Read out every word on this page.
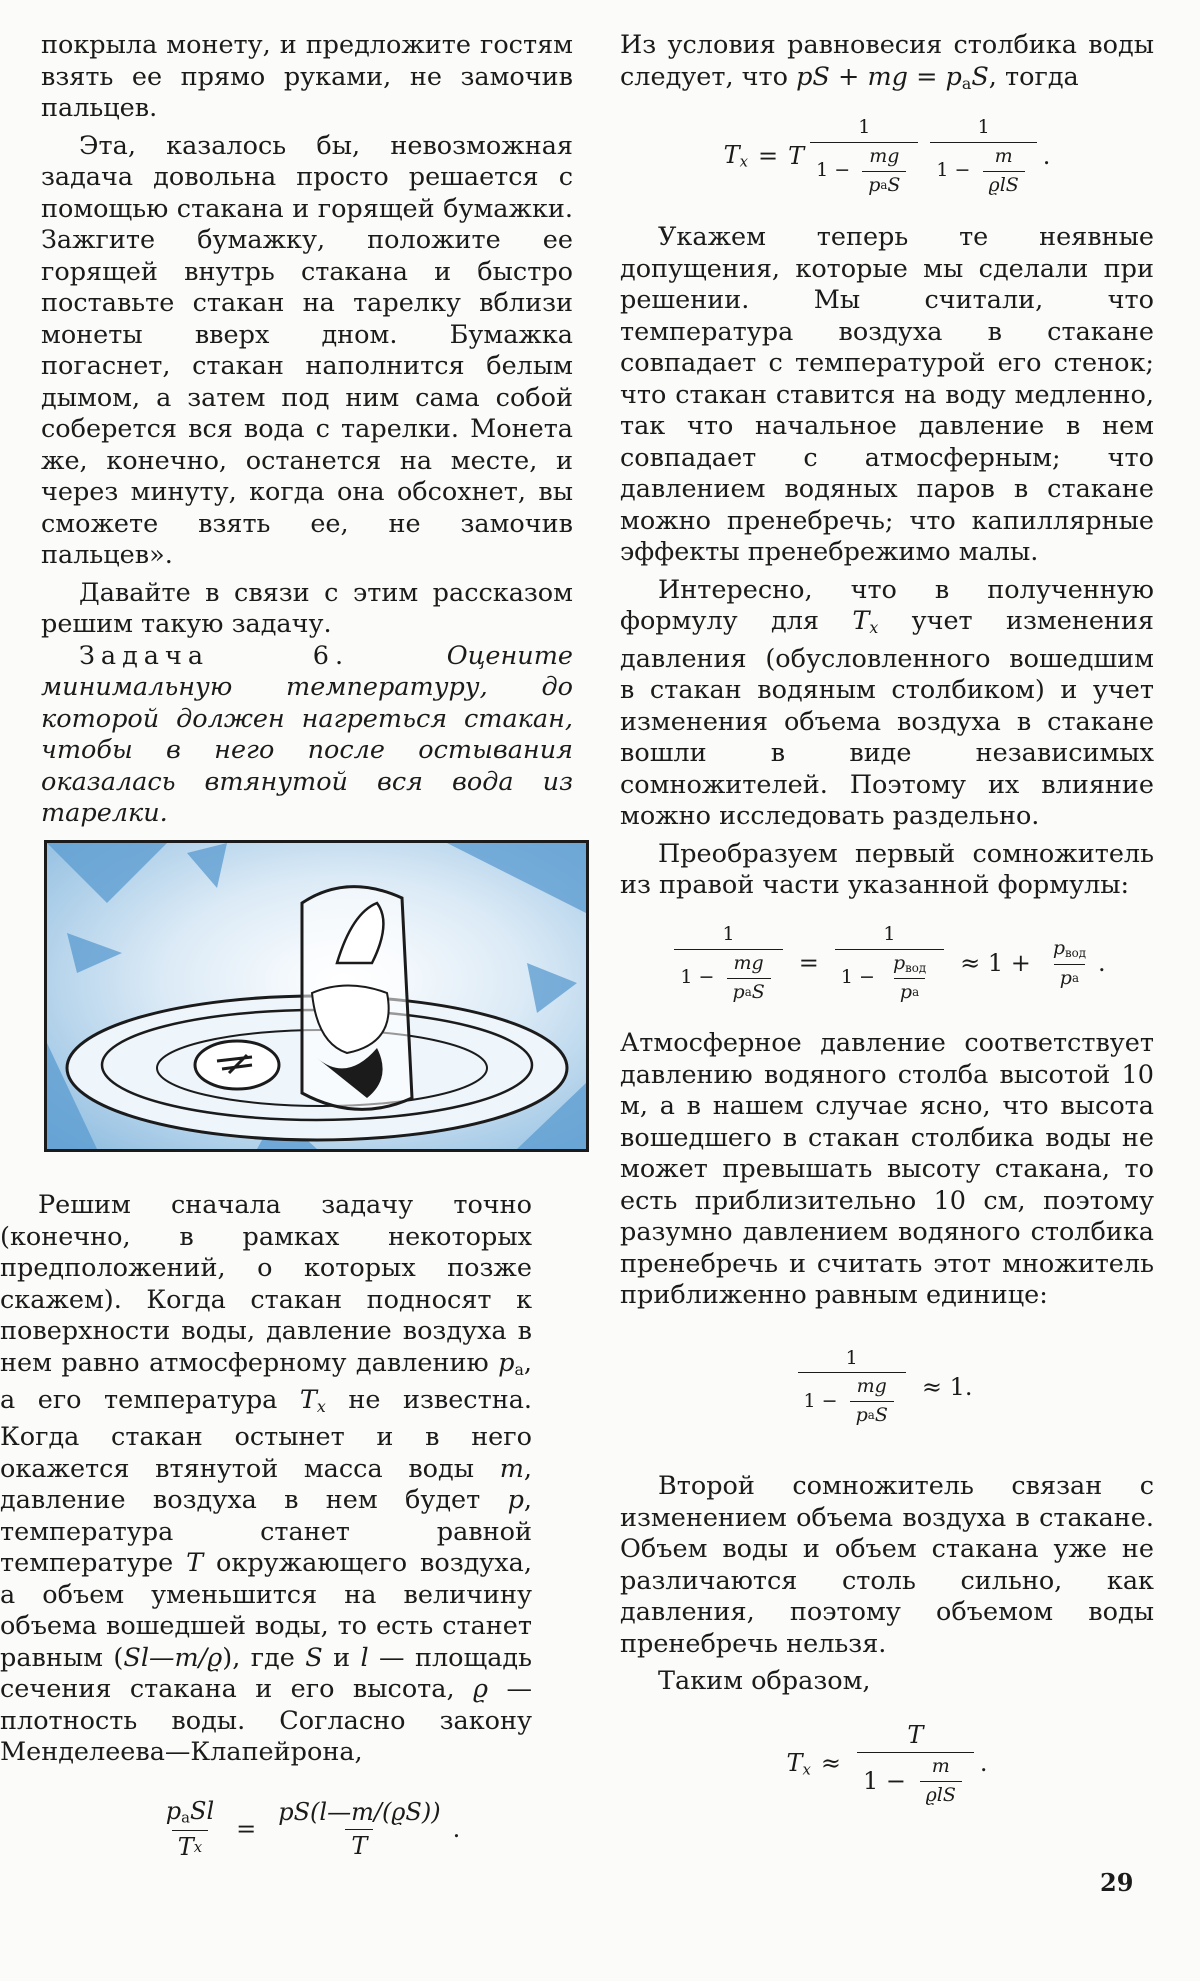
покрыла монету, и предложите гостям взять ее прямо руками, не замочив пальцев.

Эта, казалось бы, невозможная задача довольна просто решается с помощью стакана и горящей бумажки. Зажгите бумажку, положите ее горящей внутрь стакана и быстро поставьте стакан на тарелку вблизи монеты вверх дном. Бумажка погаснет, стакан наполнится белым дымом, а затем под ним сама собой соберется вся вода с тарелки. Монета же, конечно, останется на месте, и через минуту, когда она обсохнет, вы сможете взять ее, не замочив пальцев».

Давайте в связи с этим рассказом решим такую задачу.

Задача 6.	Оцените минимальную температуру, до которой должен нагреться стакан, чтобы в него после остывания оказалась втянутой вся вода из тарелки.

Решим сначала задачу точно (конечно, в рамках некоторых предположений, о которых позже скажем). Когда стакан подносят к поверхности воды, давление воздуха в нем равно атмосферному давлению $p_а$, а его температура $T_x$ не известна. Когда стакан остынет и в него окажется втянутой масса воды m, давление воздуха в нем будет p, температура станет равной температуре T окружающего воздуха, а объем уменьшится на величину объема вошедшей воды, то есть станет равным (Sl—m/ϱ), где S и l — площадь сечения стакана и его высота, ϱ — плотность воды. Согласно закону Менделеева—Клапейрона,

$\frac{p_аSl}{\text{T x}} = \frac{pS(l—m/(ϱS))}{T}$ .

Из условия равновесия столбика воды следует, что pS + mg = $p_аS$, тогда

$T_x = T$ 1
1 −
$\frac{mg}{\text{p а S}} 1$
1 −
$\frac{m}{\text{ϱlS}}$ .

Укажем теперь те неявные допущения, которые мы сделали при решении. Мы считали, что температура воздуха в стакане совпадает с температурой его стенок; что стакан ставится на воду медленно, так что начальное давление в нем совпадает с атмосферным; что давлением водяных паров в стакане можно пренебречь; что капиллярные эффекты пренебрежимо малы.

Интересно, что в полученную формулу для $T_x$ учет изменения давления (обусловленного вошедшим в стакан водяным столбиком) и учет изменения объема воздуха в стакане вошли в виде независимых сомножителей. Поэтому их влияние можно исследовать раздельно.

Преобразуем первый сомножитель из правой части указанной формулы:

1
1 −
$\frac{mg}{\text{p а S}} = 1$
1 −
$\frac{p_{вод}}{\text{p а}} \approx 1 + \frac{p_{вод}}{\text{p а}}$ .

Атмосферное давление соответствует давлению водяного столба высотой 10 м, а в нашем случае ясно, что высота вошедшего в стакан столбика воды не может превышать высоту стакана, то есть приблизительно 10 см, поэтому разумно давлением водяного столбика пренебречь и считать этот множитель приближенно равным единице:

1
1 −
$\frac{mg}{\text{p а S}} \approx 1$.

Второй сомножитель связан с изменением объема воздуха в стакане. Объем воды и объем стакана уже не различаются столь сильно, как давления, поэтому объемом воды пренебречь нельзя.

Таким образом,

$T_x \approx T$
1 −
$\frac{m}{\text{ϱlS}}$ .
29
